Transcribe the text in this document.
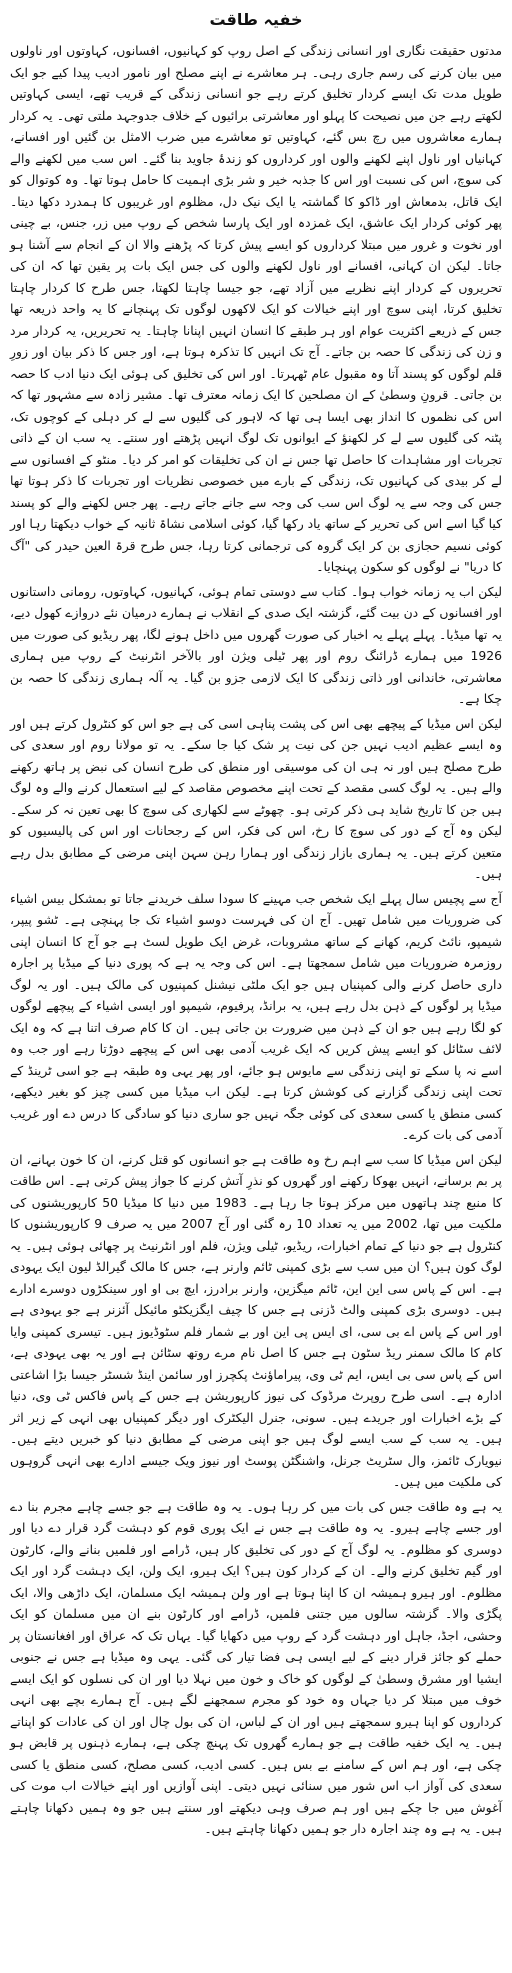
خفیہ طاقت

مدتوں حقیقت نگاری اور انسانی زندگی کے اصل روپ کو کہانیوں، افسانوں، کہاوتوں اور ناولوں میں بیان کرنے کی رسم جاری رہی۔ ہر معاشرے نے اپنے مصلح اور نامور ادیب پیدا کیے جو ایک طویل مدت تک ایسے کردار تخلیق کرتے رہے جو انسانی زندگی کے قریب تھے، ایسی کہاوتیں لکھتے رہے جن میں نصیحت کا پہلو اور معاشرتی برائیوں کے خلاف جدوجہد ملتی تھی۔ یہ کردار ہمارے معاشروں میں رچ بس گئے، کہاوتیں تو معاشرے میں ضرب الامثل بن گئیں اور افسانے، کہانیاں اور ناول اپنے لکھنے والوں اور کرداروں کو زندۂ جاوید بنا گئے۔ اس سب میں لکھنے والے کی سوچ، اس کی نسبت اور اس کا جذبہ خیر و شر بڑی اہمیت کا حامل ہوتا تھا۔ وہ کوتوال کو ایک قاتل، بدمعاش اور ڈاکو کا گماشتہ یا ایک نیک دل، مظلوم اور غریبوں کا ہمدرد دکھا دیتا۔ پھر کوئی کردار ایک عاشق، ایک غمزدہ اور ایک پارسا شخص کے روپ میں زر، جنس، بے چینی اور نخوت و غرور میں مبتلا کرداروں کو ایسے پیش کرتا کہ پڑھنے والا ان کے انجام سے آشنا ہو جاتا۔ لیکن ان کہانی، افسانے اور ناول لکھنے والوں کی جس ایک بات پر یقین تھا کہ ان کی تحریروں کے کردار اپنے نظریے میں آزاد تھے، جو جیسا چاہتا لکھتا، جس طرح کا کردار چاہتا تخلیق کرتا، اپنی سوچ اور اپنے خیالات کو ایک لاکھوں لوگوں تک پہنچانے کا یہ واحد ذریعہ تھا جس کے ذریعے اکثریت عوام اور ہر طبقے کا انسان انہیں اپنانا چاہتا۔ یہ تحریریں، یہ کردار مرد و زن کی زندگی کا حصہ بن جاتے۔ آج تک انہیں کا تذکرہ ہوتا ہے، اور جس کا ذکر بیان اور زورِ قلم لوگوں کو پسند آتا وہ مقبول عام ٹھہرتا۔ اور اس کی تخلیق کی ہوئی ایک دنیا ادب کا حصہ بن جاتی۔ قرونِ وسطیٰ کے ان مصلحین کا ایک زمانہ معترف تھا۔ مشیر زادہ سے مشہور تھا کہ اس کی نظموں کا انداز بھی ایسا ہی تھا کہ لاہور کی گلیوں سے لے کر دہلی کے کوچوں تک، پٹنہ کی گلیوں سے لے کر لکھنؤ کے ایوانوں تک لوگ انہیں پڑھتے اور سنتے۔ یہ سب ان کے ذاتی تجربات اور مشاہدات کا حاصل تھا جس نے ان کی تخلیقات کو امر کر دیا۔ منٹو کے افسانوں سے لے کر بیدی کی کہانیوں تک، زندگی کے بارے میں خصوصی نظریات اور تجربات کا ذکر ہوتا تھا جس کی وجہ سے یہ لوگ اس سب کی وجہ سے جانے جاتے رہے۔ پھر جس لکھنے والے کو پسند کیا گیا اسے اس کی تحریر کے ساتھ یاد رکھا گیا، کوئی اسلامی نشاۃ ثانیہ کے خواب دیکھتا رہا اور کوئی نسیم حجازی بن کر ایک گروہ کی ترجمانی کرتا رہا، جس طرح قرۃ العین حیدر کی "آگ کا دریا" نے لوگوں کو سکون پہنچایا۔

لیکن اب یہ زمانہ خواب ہوا۔ کتاب سے دوستی تمام ہوئی، کہانیوں، کہاوتوں، رومانی داستانوں اور افسانوں کے دن بیت گئے، گزشتہ ایک صدی کے انقلاب نے ہمارے درمیان نئے دروازے کھول دیے، یہ تھا میڈیا۔ پہلے پہلے یہ اخبار کی صورت گھروں میں داخل ہونے لگا، پھر ریڈیو کی صورت میں 1926 میں ہمارے ڈرائنگ روم اور پھر ٹیلی ویژن اور بالآخر انٹرنیٹ کے روپ میں ہماری معاشرتی، خاندانی اور ذاتی زندگی کا ایک لازمی جزو بن گیا۔ یہ آلہ ہماری زندگی کا حصہ بن چکا ہے۔

لیکن اس میڈیا کے پیچھے بھی اس کی پشت پناہی اسی کی ہے جو اس کو کنٹرول کرتے ہیں اور وہ ایسے عظیم ادیب نہیں جن کی نیت پر شک کیا جا سکے۔ یہ تو مولانا روم اور سعدی کی طرح مصلح ہیں اور نہ ہی ان کی موسیقی اور منطق کی طرح انسان کی نبض پر ہاتھ رکھنے والے ہیں۔ یہ لوگ کسی مقصد کے تحت اپنے مخصوص مقاصد کے لیے استعمال کرنے والے وہ لوگ ہیں جن کا تاریخ شاید ہی ذکر کرتی ہو۔ چھوٹے سے لکھاری کی سوچ کا بھی تعین نہ کر سکے۔ لیکن وہ آج کے دور کی سوچ کا رخ، اس کی فکر، اس کے رجحانات اور اس کی پالیسیوں کو متعین کرتے ہیں۔ یہ ہماری بازار زندگی اور ہمارا رہن سہن اپنی مرضی کے مطابق بدل رہے ہیں۔

آج سے پچیس سال پہلے ایک شخص جب مہینے کا سودا سلف خریدنے جاتا تو بمشکل بیس اشیاء کی ضروریات میں شامل تھیں۔ آج ان کی فہرست دوسو اشیاء تک جا پہنچی ہے۔ ٹشو پیپر، شیمپو، نائٹ کریم، کھانے کے ساتھ مشروبات، غرض ایک طویل لسٹ ہے جو آج کا انسان اپنی روزمرہ ضروریات میں شامل سمجھتا ہے۔ اس کی وجہ یہ ہے کہ پوری دنیا کے میڈیا پر اجارہ داری حاصل کرنے والی کمپنیاں ہیں جو ایک ملٹی نیشنل کمپنیوں کی مالک ہیں۔ اور یہ لوگ میڈیا پر لوگوں کے ذہن بدل رہے ہیں، یہ برانڈ، پرفیوم، شیمپو اور ایسی اشیاء کے پیچھے لوگوں کو لگا رہے ہیں جو ان کے ذہن میں ضرورت بن جاتی ہیں۔ ان کا کام صرف اتنا ہے کہ وہ ایک لائف سٹائل کو ایسے پیش کریں کہ ایک غریب آدمی بھی اس کے پیچھے دوڑتا رہے اور جب وہ اسے نہ پا سکے تو اپنی زندگی سے مایوس ہو جائے، اور پھر یہی وہ طبقہ ہے جو اسی ٹرینڈ کے تحت اپنی زندگی گزارنے کی کوشش کرتا ہے۔ لیکن اب میڈیا میں کسی چیز کو بغیر دیکھے، کسی منطق یا کسی سعدی کی کوئی جگہ نہیں جو ساری دنیا کو سادگی کا درس دے اور غریب آدمی کی بات کرے۔

لیکن اس میڈیا کا سب سے اہم رخ وہ طاقت ہے جو انسانوں کو قتل کرنے، ان کا خون بہانے، ان پر بم برسانے، انہیں بھوکا رکھنے اور گھروں کو نذرِ آتش کرنے کا جواز پیش کرتی ہے۔ اس طاقت کا منبع چند ہاتھوں میں مرکز ہوتا جا رہا ہے۔ 1983 میں دنیا کا میڈیا 50 کارپوریشنوں کی ملکیت میں تھا، 2002 میں یہ تعداد 10 رہ گئی اور آج 2007 میں یہ صرف 9 کارپوریشنوں کا کنٹرول ہے جو دنیا کے تمام اخبارات، ریڈیو، ٹیلی ویژن، فلم اور انٹرنیٹ پر چھائی ہوئی ہیں۔ یہ لوگ کون ہیں؟ ان میں سب سے بڑی کمپنی ٹائم وارنر ہے، جس کا مالک گیرالڈ لیون ایک یہودی ہے۔ اس کے پاس سی این این، ٹائم میگزین، وارنر برادرز، ایچ بی او اور سینکڑوں دوسرے ادارے ہیں۔ دوسری بڑی کمپنی والٹ ڈزنی ہے جس کا چیف ایگزیکٹو مائیکل آئزنر ہے جو یہودی ہے اور اس کے پاس اے بی سی، ای ایس پی این اور بے شمار فلم سٹوڈیوز ہیں۔ تیسری کمپنی وایا کام کا مالک سمنر ریڈ سٹون ہے جس کا اصل نام مرے روتھ سٹائن ہے اور یہ بھی یہودی ہے، اس کے پاس سی بی ایس، ایم ٹی وی، پیراماؤنٹ پکچرز اور سائمن اینڈ شسٹر جیسا بڑا اشاعتی ادارہ ہے۔ اسی طرح روپرٹ مرڈوک کی نیوز کارپوریشن ہے جس کے پاس فاکس ٹی وی، دنیا کے بڑے اخبارات اور جریدے ہیں۔ سونی، جنرل الیکٹرک اور دیگر کمپنیاں بھی انہی کے زیر اثر ہیں۔ یہ سب کے سب ایسے لوگ ہیں جو اپنی مرضی کے مطابق دنیا کو خبریں دیتے ہیں۔ نیویارک ٹائمز، وال سٹریٹ جرنل، واشنگٹن پوسٹ اور نیوز ویک جیسے ادارے بھی انہی گروہوں کی ملکیت میں ہیں۔

یہ ہے وہ طاقت جس کی بات میں کر رہا ہوں۔ یہ وہ طاقت ہے جو جسے چاہے مجرم بنا دے اور جسے چاہے ہیرو۔ یہ وہ طاقت ہے جس نے ایک پوری قوم کو دہشت گرد قرار دے دیا اور دوسری کو مظلوم۔ یہ لوگ آج کے دور کی تخلیق کار ہیں، ڈرامے اور فلمیں بنانے والے، کارٹون اور گیم تخلیق کرنے والے۔ ان کے کردار کون ہیں؟ ایک ہیرو، ایک ولن، ایک دہشت گرد اور ایک مظلوم۔ اور ہیرو ہمیشہ ان کا اپنا ہوتا ہے اور ولن ہمیشہ ایک مسلمان، ایک داڑھی والا، ایک پگڑی والا۔ گزشتہ سالوں میں جتنی فلمیں، ڈرامے اور کارٹون بنے ان میں مسلمان کو ایک وحشی، اجڈ، جاہل اور دہشت گرد کے روپ میں دکھایا گیا۔ یہاں تک کہ عراق اور افغانستان پر حملے کو جائز قرار دینے کے لیے ایسی ہی فضا تیار کی گئی۔ یہی وہ میڈیا ہے جس نے جنوبی ایشیا اور مشرق وسطیٰ کے لوگوں کو خاک و خون میں نہلا دیا اور ان کی نسلوں کو ایک ایسے خوف میں مبتلا کر دیا جہاں وہ خود کو مجرم سمجھنے لگے ہیں۔ آج ہمارے بچے بھی انہی کرداروں کو اپنا ہیرو سمجھتے ہیں اور ان کے لباس، ان کی بول چال اور ان کی عادات کو اپناتے ہیں۔ یہ ایک خفیہ طاقت ہے جو ہمارے گھروں تک پہنچ چکی ہے، ہمارے ذہنوں پر قابض ہو چکی ہے، اور ہم اس کے سامنے بے بس ہیں۔ کسی ادیب، کسی مصلح، کسی منطق یا کسی سعدی کی آواز اب اس شور میں سنائی نہیں دیتی۔ اپنی آوازیں اور اپنے خیالات اب موت کی آغوش میں جا چکے ہیں اور ہم صرف وہی دیکھتے اور سنتے ہیں جو وہ ہمیں دکھانا چاہتے ہیں۔ یہ ہے وہ چند اجارہ دار جو ہمیں دکھانا چاہتے ہیں۔
